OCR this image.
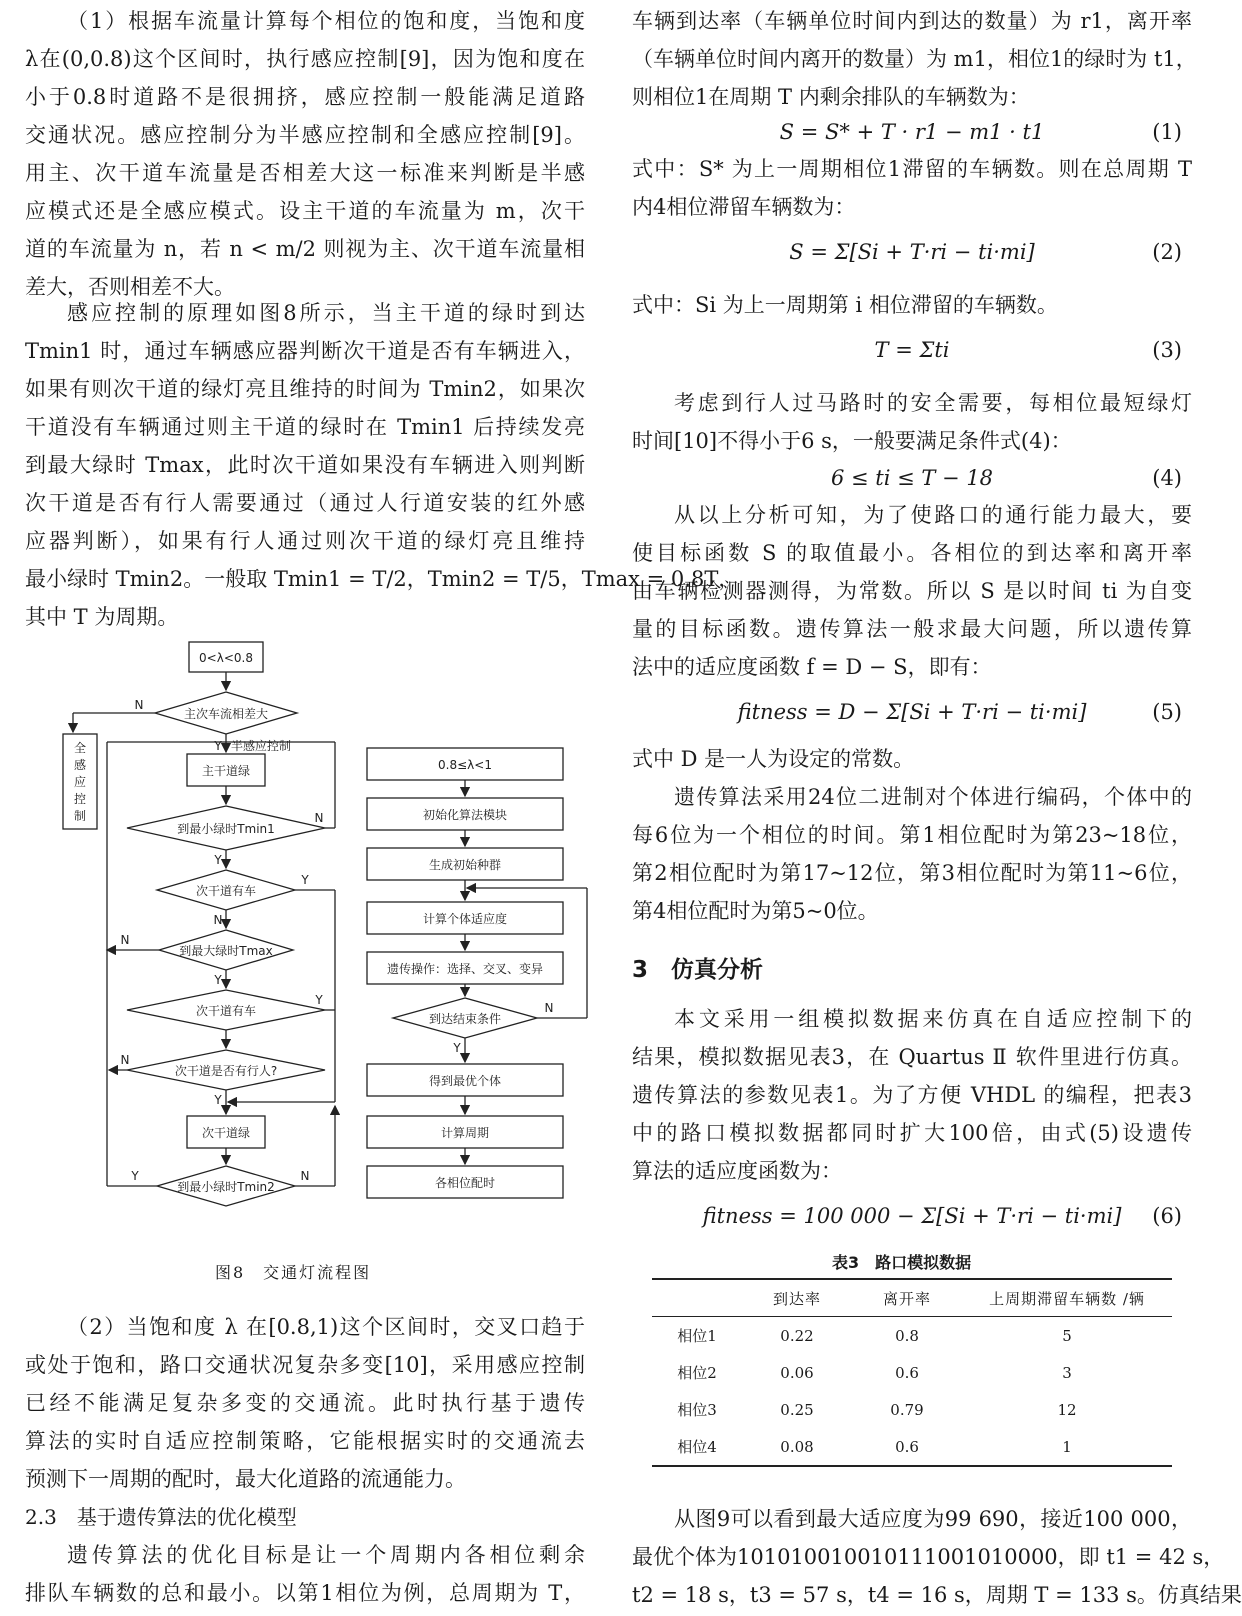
（1）根据车流量计算每个相位的饱和度，当饱和度
λ在(0,0.8)这个区间时，执行感应控制[9]，因为饱和度在
小于0.8时道路不是很拥挤，感应控制一般能满足道路
交通状况。感应控制分为半感应控制和全感应控制[9]。
用主、次干道车流量是否相差大这一标准来判断是半感
应模式还是全感应模式。设主干道的车流量为 m，次干
道的车流量为 n，若 n < m/2 则视为主、次干道车流量相
差大，否则相差不大。
感应控制的原理如图8所示，当主干道的绿时到达
Tmin1 时，通过车辆感应器判断次干道是否有车辆进入，
如果有则次干道的绿灯亮且维持的时间为 Tmin2，如果次
干道没有车辆通过则主干道的绿时在 Tmin1 后持续发亮
到最大绿时 Tmax，此时次干道如果没有车辆进入则判断
次干道是否有行人需要通过（通过人行道安装的红外感
应器判断），如果有行人通过则次干道的绿灯亮且维持
最小绿时 Tmin2。一般取 Tmin1 = T/2，Tmin2 = T/5，Tmax = 0.8T，
其中 T 为周期。
0<λ<0.8
主次车流相差大
半感应控制
主干道绿
到最小绿时Tmin1
次干道有车
到最大绿时Tmax
次干道有车
次干道是否有行人?
次干道绿
到最小绿时Tmin2
0.8≤λ<1
初始化算法模块
生成初始种群
计算个体适应度
遗传操作：选择、交叉、变异
到达结束条件
得到最优个体
计算周期
各相位配时
N
Y
Y
N
Y
N
N
Y
Y
N
Y
Y	N
N
Y
全感应控制
图8　交通灯流程图
（2）当饱和度 λ 在[0.8,1)这个区间时，交叉口趋于
或处于饱和，路口交通状况复杂多变[10]，采用感应控制
已经不能满足复杂多变的交通流。此时执行基于遗传
算法的实时自适应控制策略，它能根据实时的交通流去
预测下一周期的配时，最大化道路的流通能力。
2.3　基于遗传算法的优化模型
遗传算法的优化目标是让一个周期内各相位剩余
排队车辆数的总和最小。以第1相位为例，总周期为 T，
车辆到达率（车辆单位时间内到达的数量）为 r1，离开率
（车辆单位时间内离开的数量）为 m1，相位1的绿时为 t1，
则相位1在周期 T 内剩余排队的车辆数为：
S = S* + T · r1 − m1 · t1	(1)
式中：S* 为上一周期相位1滞留的车辆数。则在总周期 T
内4相位滞留车辆数为：
S = Σ[Si + T·ri − ti·mi]	(2)
式中：Si 为上一周期第 i 相位滞留的车辆数。
T = Σti	(3)
考虑到行人过马路时的安全需要，每相位最短绿灯
时间[10]不得小于6 s，一般要满足条件式(4)：
6 ≤ ti ≤ T − 18	(4)
从以上分析可知，为了使路口的通行能力最大，要
使目标函数 S 的取值最小。各相位的到达率和离开率
由车辆检测器测得，为常数。所以 S 是以时间 ti 为自变
量的目标函数。遗传算法一般求最大问题，所以遗传算
法中的适应度函数 f = D − S，即有：
fitness = D − Σ[Si + T·ri − ti·mi]	(5)
式中 D 是一人为设定的常数。
遗传算法采用24位二进制对个体进行编码，个体中的
每6位为一个相位的时间。第1相位配时为第23~18位，
第2相位配时为第17~12位，第3相位配时为第11~6位，
第4相位配时为第5~0位。
3　仿真分析
本文采用一组模拟数据来仿真在自适应控制下的
结果，模拟数据见表3，在 Quartus Ⅱ 软件里进行仿真。
遗传算法的参数见表1。为了方便 VHDL 的编程，把表3
中的路口模拟数据都同时扩大100倍，由式(5)设遗传
算法的适应度函数为：
fitness = 100 000 − Σ[Si + T·ri − ti·mi]	(6)
表3　路口模拟数据
	到达率	离开率	上周期滞留车辆数 /辆
相位1	0.22	0.8	5
相位2	0.06	0.6	3
相位3	0.25	0.79	12
相位4	0.08	0.6	1
从图9可以看到最大适应度为99 690，接近100 000，
最优个体为101010010010111001010000，即 t1 = 42 s，
t2 = 18 s，t3 = 57 s，t4 = 16 s，周期 T = 133 s。仿真结果
